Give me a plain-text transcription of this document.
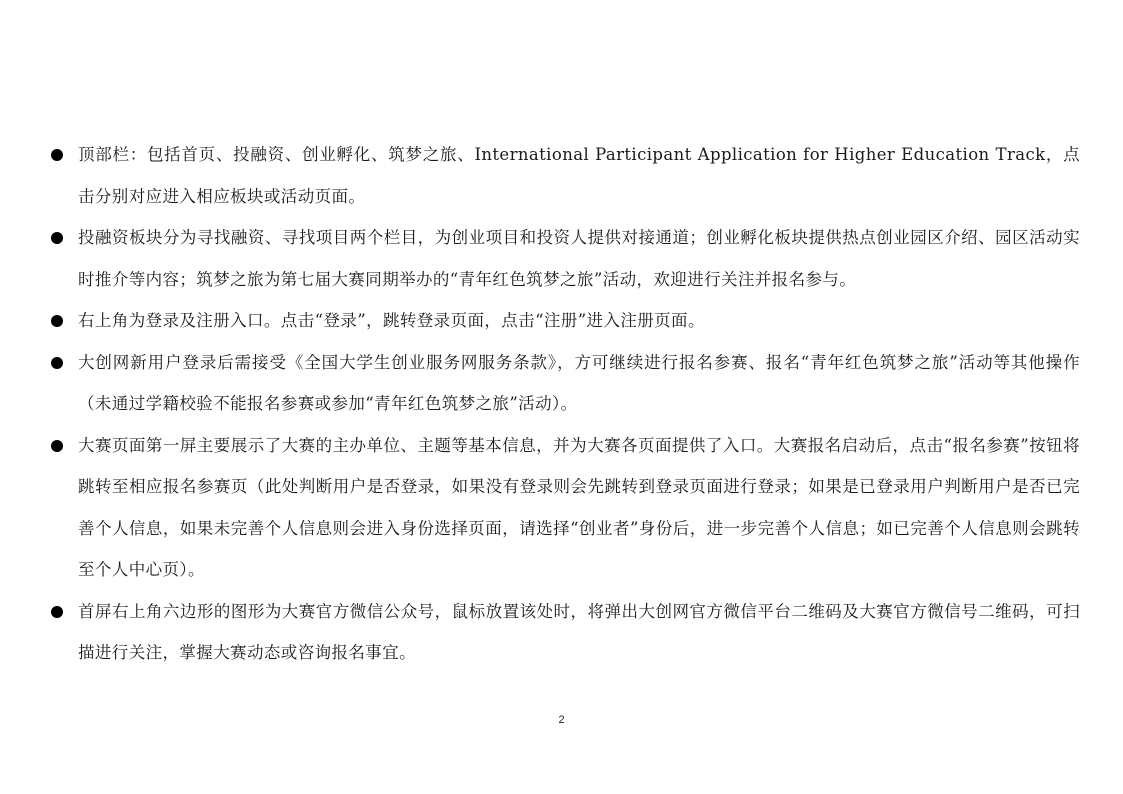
顶部栏：包括首页、投融资、创业孵化、筑梦之旅、International Participant Application for Higher Education Track，点击分别对应进入相应板块或活动页面。
投融资板块分为寻找融资、寻找项目两个栏目，为创业项目和投资人提供对接通道；创业孵化板块提供热点创业园区介绍、园区活动实时推介等内容；筑梦之旅为第七届大赛同期举办的“青年红色筑梦之旅”活动，欢迎进行关注并报名参与。
右上角为登录及注册入口。点击“登录”，跳转登录页面，点击“注册”进入注册页面。
大创网新用户登录后需接受《全国大学生创业服务网服务条款》，方可继续进行报名参赛、报名“青年红色筑梦之旅”活动等其他操作（未通过学籍校验不能报名参赛或参加“青年红色筑梦之旅”活动）。
大赛页面第一屏主要展示了大赛的主办单位、主题等基本信息，并为大赛各页面提供了入口。大赛报名启动后，点击“报名参赛”按钮将跳转至相应报名参赛页（此处判断用户是否登录，如果没有登录则会先跳转到登录页面进行登录；如果是已登录用户判断用户是否已完善个人信息，如果未完善个人信息则会进入身份选择页面，请选择“创业者”身份后，进一步完善个人信息；如已完善个人信息则会跳转至个人中心页）。
首屏右上角六边形的图形为大赛官方微信公众号，鼠标放置该处时，将弹出大创网官方微信平台二维码及大赛官方微信号二维码，可扫描进行关注，掌握大赛动态或咨询报名事宜。
2
